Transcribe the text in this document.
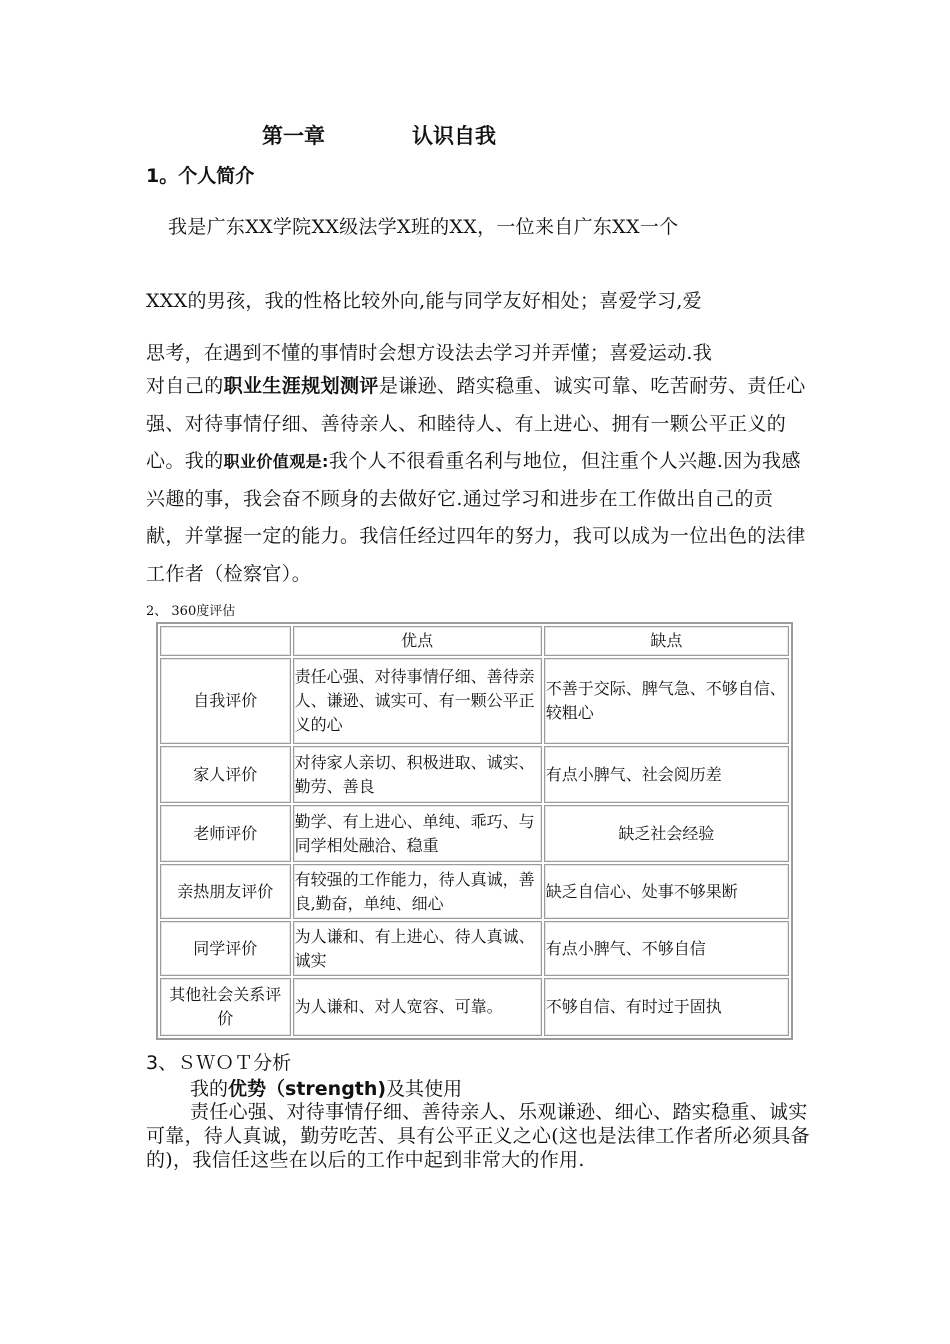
第一章	认识自我
1。个人简介
我是广东XX学院XX级法学X班的XX，一位来自广东XX一个
XXX的男孩，我的性格比较外向,能与同学友好相处；喜爱学习,爱
思考，在遇到不懂的事情时会想方设法去学习并弄懂；喜爱运动.我
对自己的职业生涯规划测评是谦逊、踏实稳重、诚实可靠、吃苦耐劳、责任心强、对待事情仔细、善待亲人、和睦待人、有上进心、拥有一颗公平正义的心。我的职业价值观是:我个人不很看重名利与地位，但注重个人兴趣.因为我感兴趣的事，我会奋不顾身的去做好它.通过学习和进步在工作做出自己的贡献，并掌握一定的能力。我信任经过四年的努力，我可以成为一位出色的法律工作者（检察官）。
2、 360度评估
	优点	缺点
自我评价	责任心强、对待事情仔细、善待亲人、谦逊、诚实可、有一颗公平正义的心	不善于交际、脾气急、不够自信、较粗心
家人评价	对待家人亲切、积极进取、诚实、勤劳、善良	有点小脾气、社会阅历差
老师评价	勤学、有上进心、单纯、乖巧、与同学相处融洽、稳重	缺乏社会经验
亲热朋友评价	有较强的工作能力，待人真诚，善良,勤奋，单纯、细心	缺乏自信心、处事不够果断
同学评价	为人谦和、有上进心、待人真诚、诚实	有点小脾气、不够自信
其他社会关系评价	为人谦和、对人宽容、可靠。	不够自信、有时过于固执
3、ＳＷＯＴ分析
我的优势（strength)及其使用
责任心强、对待事情仔细、善待亲人、乐观谦逊、细心、踏实稳重、诚实可靠，待人真诚，勤劳吃苦、具有公平正义之心(这也是法律工作者所必须具备的)，我信任这些在以后的工作中起到非常大的作用.
